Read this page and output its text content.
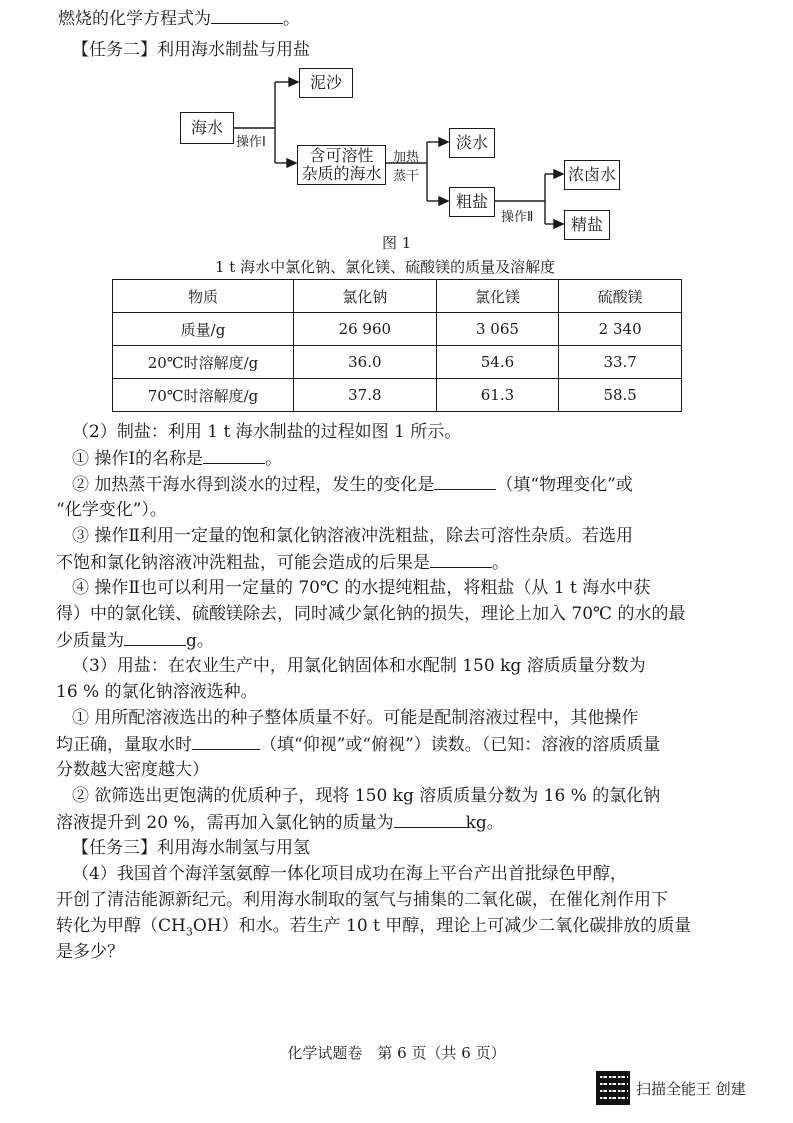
燃烧的化学方程式为	。
【任务二】利用海水制盐与用盐
海水
泥沙
操作Ⅰ
含可溶性
杂质的海水
加热
蒸干
淡水
粗盐
操作Ⅱ
浓卤水
精盐
图 1
1 t 海水中氯化钠、氯化镁、硫酸镁的质量及溶解度
物质	氯化钠	氯化镁	硫酸镁
质量/g	26 960	3 065	2 340
20℃时溶解度/g	36.0	54.6	33.7
70℃时溶解度/g	37.8	61.3	58.5
（2）制盐：利用 1 t 海水制盐的过程如图 1 所示。
① 操作Ⅰ的名称是	。
② 加热蒸干海水得到淡水的过程，发生的变化是	（填“物理变化”或
“化学变化”）。
③ 操作Ⅱ利用一定量的饱和氯化钠溶液冲洗粗盐，除去可溶性杂质。若选用
不饱和氯化钠溶液冲洗粗盐，可能会造成的后果是	。
④ 操作Ⅱ也可以利用一定量的 70℃ 的水提纯粗盐，将粗盐（从 1 t 海水中获
得）中的氯化镁、硫酸镁除去，同时减少氯化钠的损失，理论上加入 70℃ 的水的最
少质量为	g。
（3）用盐：在农业生产中，用氯化钠固体和水配制 150 kg 溶质质量分数为
16 % 的氯化钠溶液选种。
① 用所配溶液选出的种子整体质量不好。可能是配制溶液过程中，其他操作
均正确，量取水时	（填“仰视”或“俯视”）读数。（已知：溶液的溶质质量
分数越大密度越大）
② 欲筛选出更饱满的优质种子，现将 150 kg 溶质质量分数为 16 % 的氯化钠
溶液提升到 20 %，需再加入氯化钠的质量为	kg。
【任务三】利用海水制氢与用氢
（4）我国首个海洋氢氨醇一体化项目成功在海上平台产出首批绿色甲醇，
开创了清洁能源新纪元。利用海水制取的氢气与捕集的二氧化碳，在催化剂作用下
转化为甲醇$(CH_3OH)$和水。若生产 10 t 甲醇，理论上可减少二氧化碳排放的质量
是多少？
化学试题卷　第 6 页（共 6 页）
扫描全能王 创建
